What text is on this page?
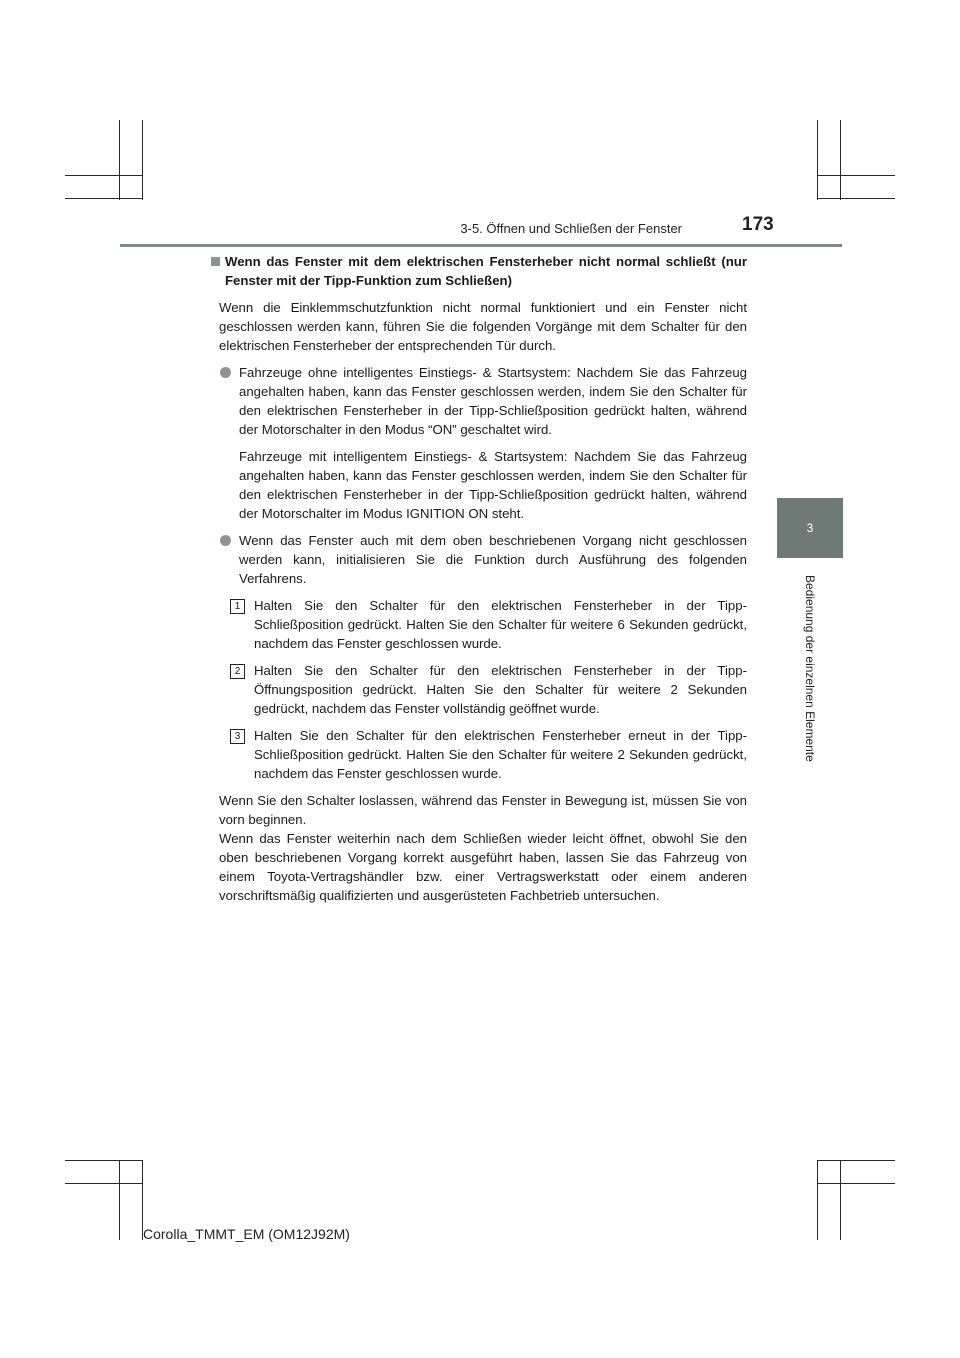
3-5. Öffnen und Schließen der Fenster	173
3
Bedienung der einzelnen Elemente
Wenn das Fenster mit dem elektrischen Fensterheber nicht normal schließt (nur Fenster mit der Tipp-Funktion zum Schließen)

Wenn die Einklemmschutzfunktion nicht normal funktioniert und ein Fenster nicht geschlossen werden kann, führen Sie die folgenden Vorgänge mit dem Schalter für den elektrischen Fensterheber der entsprechenden Tür durch.

Fahrzeuge ohne intelligentes Einstiegs- & Startsystem: Nachdem Sie das Fahrzeug angehalten haben, kann das Fenster geschlossen werden, indem Sie den Schalter für den elektrischen Fensterheber in der Tipp-Schließposition gedrückt halten, während der Motorschalter in den Modus “ON” geschaltet wird.

Fahrzeuge mit intelligentem Einstiegs- & Startsystem: Nachdem Sie das Fahrzeug angehalten haben, kann das Fenster geschlossen werden, indem Sie den Schalter für den elektrischen Fensterheber in der Tipp-Schließposition gedrückt halten, während der Motorschalter im Modus IGNITION ON steht.

Wenn das Fenster auch mit dem oben beschriebenen Vorgang nicht geschlossen werden kann, initialisieren Sie die Funktion durch Ausführung des folgenden Verfahrens.

1	Halten Sie den Schalter für den elektrischen Fensterheber in der Tipp-Schließposition gedrückt. Halten Sie den Schalter für weitere 6 Sekunden gedrückt, nachdem das Fenster geschlossen wurde.

2	Halten Sie den Schalter für den elektrischen Fensterheber in der Tipp-Öffnungsposition gedrückt. Halten Sie den Schalter für weitere 2 Sekunden gedrückt, nachdem das Fenster vollständig geöffnet wurde.

3	Halten Sie den Schalter für den elektrischen Fensterheber erneut in der Tipp-Schließposition gedrückt. Halten Sie den Schalter für weitere 2 Sekunden gedrückt, nachdem das Fenster geschlossen wurde.

Wenn Sie den Schalter loslassen, während das Fenster in Bewegung ist, müssen Sie von vorn beginnen.
Wenn das Fenster weiterhin nach dem Schließen wieder leicht öffnet, obwohl Sie den oben beschriebenen Vorgang korrekt ausgeführt haben, lassen Sie das Fahrzeug von einem Toyota-Vertragshändler bzw. einer Vertragswerkstatt oder einem anderen vorschriftsmäßig qualifizierten und ausgerüsteten Fachbetrieb untersuchen.

Corolla_TMMT_EM (OM12J92M)
